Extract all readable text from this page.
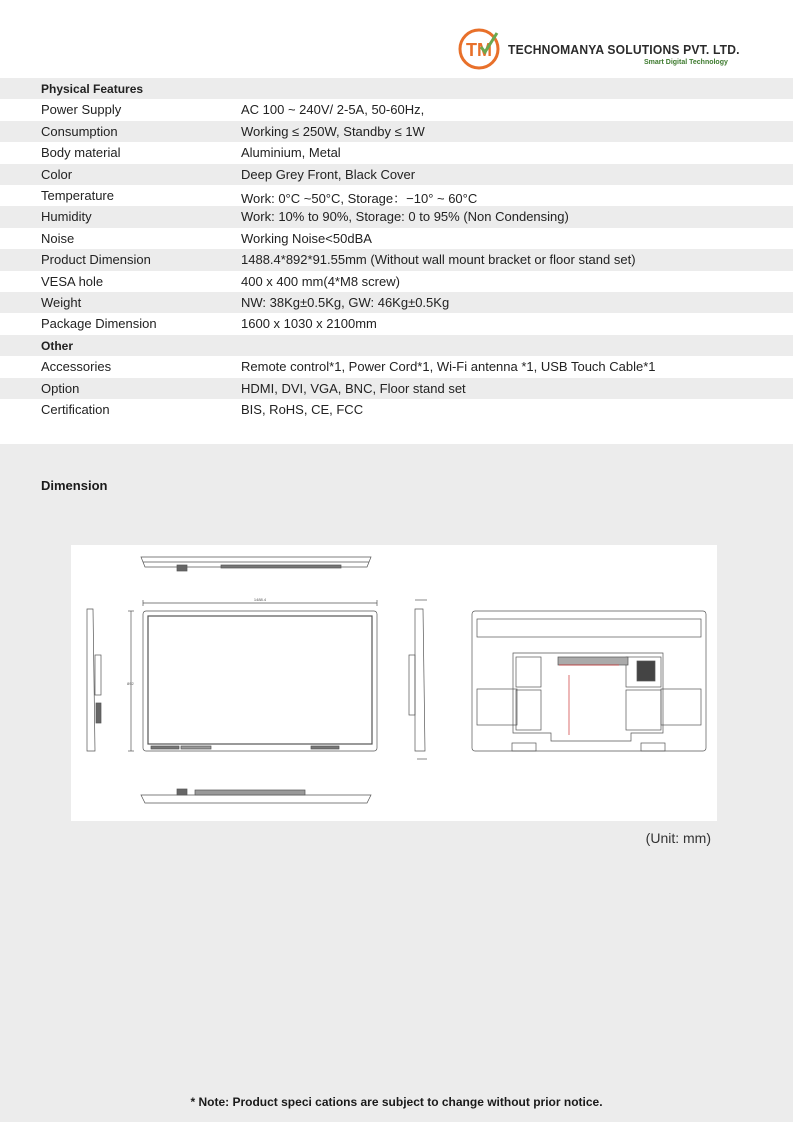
TM TECHNOMANYA SOLUTIONS PVT. LTD.
Smart Digital Technology
Physical Features
Power Supply	AC 100 ~ 240V/ 2-5A, 50-60Hz,
Consumption	Working ≤ 250W, Standby ≤ 1W
Body material	Aluminium, Metal
Color	Deep Grey Front, Black Cover
Temperature	Work: 0°C ~50°C, Storage：−10° ~ 60°C
Humidity	Work: 10% to 90%, Storage: 0 to 95% (Non Condensing)
Noise	Working Noise<50dBA
Product Dimension	1488.4*892*91.55mm (Without wall mount bracket or floor stand set)
VESA hole	400 x 400 mm(4*M8 screw)
Weight	NW: 38Kg±0.5Kg, GW: 46Kg±0.5Kg
Package Dimension	1600 x 1030 x 2100mm
Other
Accessories	Remote control*1, Power Cord*1, Wi-Fi antenna *1, USB Touch Cable*1
Option	HDMI, DVI, VGA, BNC, Floor stand set
Certification	BIS, RoHS, CE, FCC
Dimension
1488.4
892
(Unit: mm)
* Note: Product speci cations are subject to change without prior notice.
